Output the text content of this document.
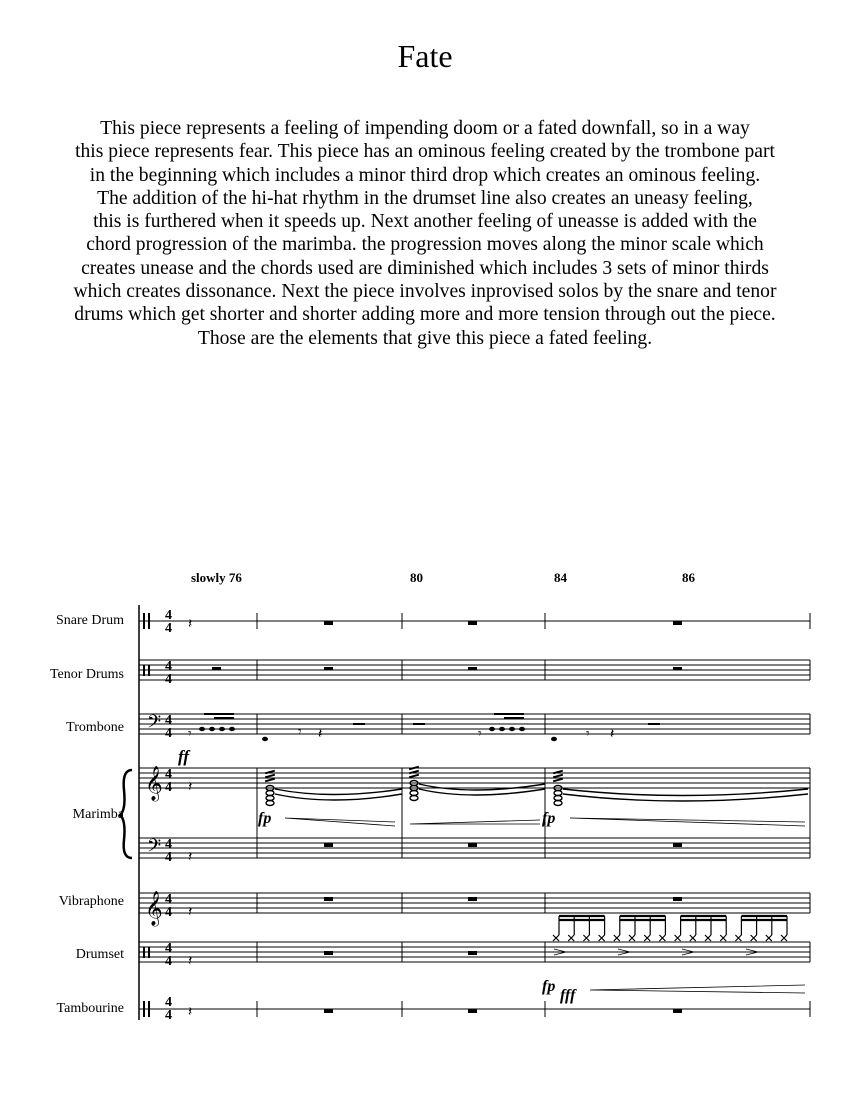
Fate
This piece represents a feeling of impending doom or a fated downfall, so in a way
this piece represents fear. This piece has an ominous feeling created by the trombone part
in the beginning which includes a minor third drop which creates an ominous feeling.
The addition of the hi-hat rhythm in the drumset line also creates an uneasy feeling,
this is furthered when it speeds up. Next another feeling of uneasse is added with the
chord progression of the marimba. the progression moves along the minor scale which
creates unease and the chords used are diminished which includes 3 sets of minor thirds
which creates dissonance. Next the piece involves inprovised solos by the snare and tenor
drums which get shorter and shorter adding more and more tension through out the piece.
Those are the elements that give this piece a fated feeling.
slowly 76	80	84	86
Snare Drum
Tenor Drums
Trombone
Marimba
Vibraphone
Drumset
Tambourine
𝄢
ff
𝄞
𝄢
fp	fp
𝄞
fp
fff
4
4
4
4
4
4
4
4
4
4
4
4
4
4
4
4
𝄽
𝄽
𝄽
𝄽
𝄽
𝄽
𝄾	𝄾 𝄽	𝄾	𝄾 𝄽
